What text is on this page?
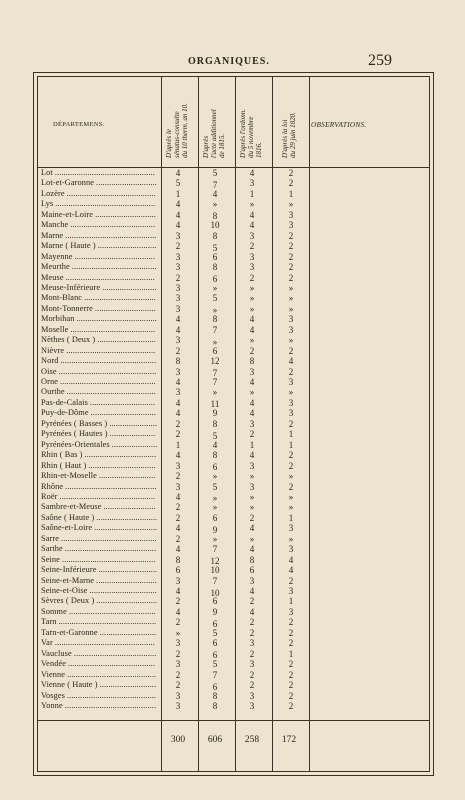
ORGANIQUES.	259
DÉPARTEMENS.
D'après le sénatus-consulte du 10 therm. an 10. D'après l'acte additionnel de 1815. D'après l'ordonn. du 5 novembre 1816.	D'après la loi du 29 juin 1820. OBSERVATIONS.
Lot ..............................................	4	5	4	2
Lot-et-Garonne ............................	5	7	3	2
Lozère .........................................	1	4	1	1
Lys ..............................................	4	»	»	»
Maine-et-Loire ............................	4	8	4	3
Manche .......................................	4	10	4	3
Marne ..........................................	3	8	3	2
Marne ( Haute ) ...........................	2	5	2	2
Mayenne .....................................	3	6	3	2
Meurthe .......................................	3	8	3	2
Meuse .........................................	2	6	2	2
Meuse-Inférieure .........................	3	»	»	»
Mont-Blanc .................................	3	5	»	»
Mont-Tonnerre ............................	3	»	»	»
Morbihan .....................................	4	8	4	3
Moselle .......................................	4	7	4	3
Nèthes ( Deux ) ...........................	3	»	»	»
Nièvre .........................................	2	6	2	2
Nord ............................................	8	12	8	4
Oise .............................................	3	7	3	2
Orne ............................................	4	7	4	3
Ourthe .........................................	3	»	»	»
Pas-de-Calais ..............................	4	11	4	3
Puy-de-Dôme ..............................	4	9	4	3
Pyrénées ( Basses ) ......................	2	8	3	2
Pyrénées ( Hautes ) .....................	2	5	2	1
Pyrénées-Orientales .....................	1	4	1	1
Rhin ( Bas ) .................................	4	8	4	2
Rhin ( Haut ) ...............................	3	6	3	2
Rhin-et-Moselle ..........................	2	»	»	»
Rhône ..........................................	3	5	3	2
Roër ............................................	4	»	»	»
Sambre-et-Meuse ........................	2	»	»	»
Saône ( Haute ) ............................	2	6	2	1
Saône-et-Loire .............................	4	9	4	3
Sarre ............................................	2	»	»	»
Sarthe ..........................................	4	7	4	3
Seine ...........................................	8	12	8	4
Seine-Inférieure ...........................	6	10	6	4
Seine-et-Marne ............................	3	7	3	2
Seine-et-Oise ...............................	4	10	4	3
Sèvres ( Deux ) ............................	2	6	2	1
Somme ........................................	4	9	4	3
Tarn .............................................	2	6	2	2
Tarn-et-Garonne ..........................	»	5	2	2
Var ..............................................	3	6	3	2
Vaucluse ......................................	2	6	2	1
Vendée ........................................	3	5	3	2
Vienne .........................................	2	7	2	2
Vienne ( Haute ) ..........................	2	6	2	2
Vosges .........................................	3	8	3	2
Yonne ..........................................	3	8	3	2
300	606	258	172
